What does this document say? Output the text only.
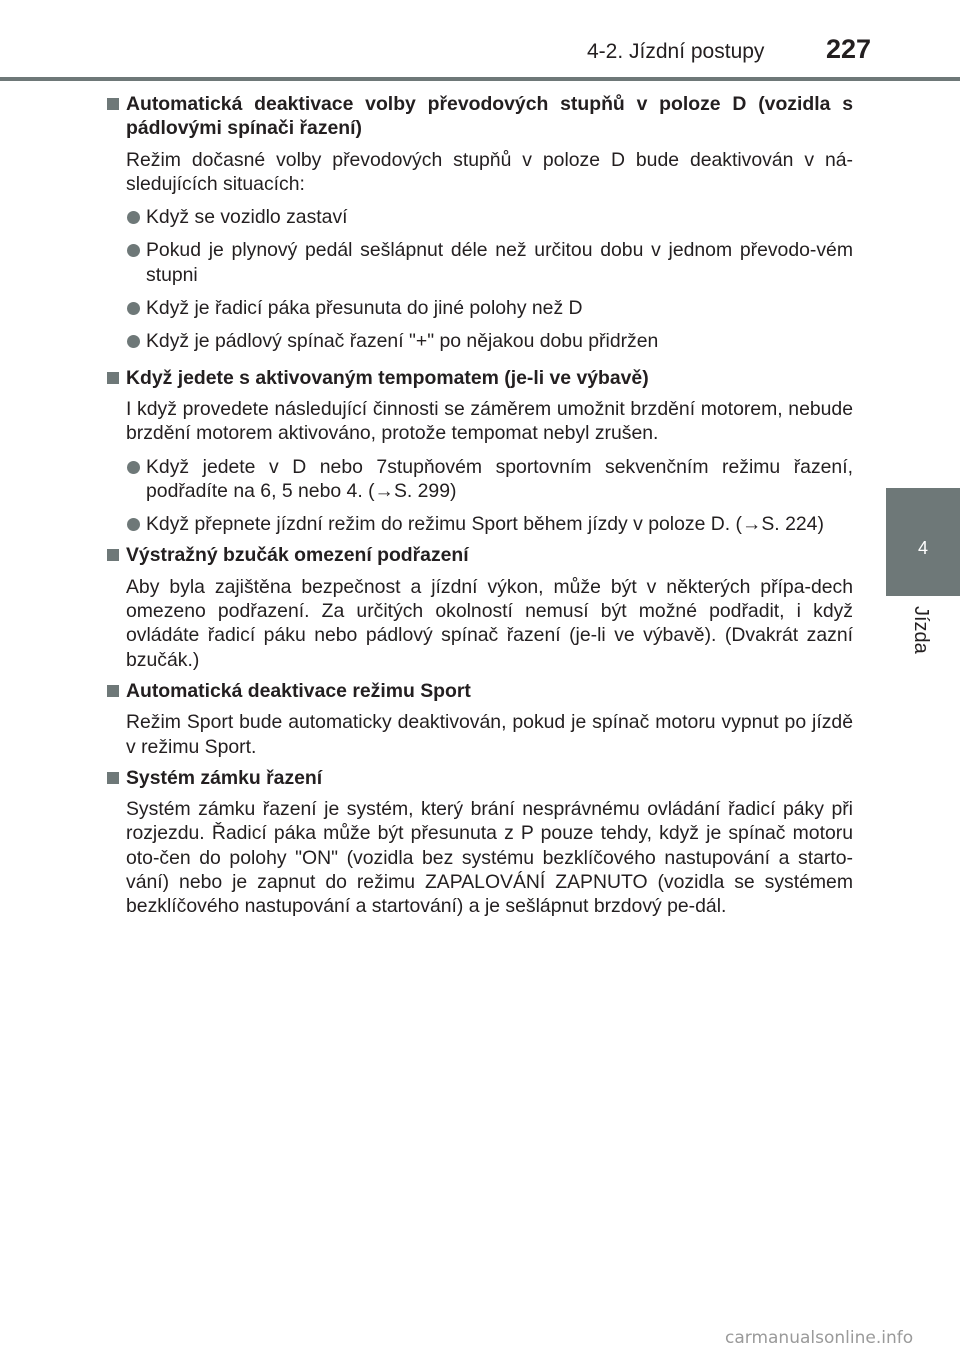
4-2. Jízdní postupy 227
4
Jízda
Automatická deaktivace volby převodových stupňů v poloze D (vozidla s pádlovými spínači řazení)
Režim dočasné volby převodových stupňů v poloze D bude deaktivován v ná-sledujících situacích:
Když se vozidlo zastaví
Pokud je plynový pedál sešlápnut déle než určitou dobu v jednom převodo-vém stupni
Když je řadicí páka přesunuta do jiné polohy než D
Když je pádlový spínač řazení "+" po nějakou dobu přidržen
Když jedete s aktivovaným tempomatem (je-li ve výbavě)
I když provedete následující činnosti se záměrem umožnit brzdění motorem, nebude brzdění motorem aktivováno, protože tempomat nebyl zrušen.
Když jedete v D nebo 7stupňovém sportovním sekvenčním režimu řazení, podřadíte na 6, 5 nebo 4. (→S. 299)
Když přepnete jízdní režim do režimu Sport během jízdy v poloze D. (→S. 224)
Výstražný bzučák omezení podřazení
Aby byla zajištěna bezpečnost a jízdní výkon, může být v některých přípa-dech omezeno podřazení. Za určitých okolností nemusí být možné podřadit, i když ovládáte řadicí páku nebo pádlový spínač řazení (je-li ve výbavě). (Dvakrát zazní bzučák.)
Automatická deaktivace režimu Sport
Režim Sport bude automaticky deaktivován, pokud je spínač motoru vypnut po jízdě v režimu Sport.
Systém zámku řazení
Systém zámku řazení je systém, který brání nesprávnému ovládání řadicí páky při rozjezdu. Řadicí páka může být přesunuta z P pouze tehdy, když je spínač motoru oto-čen do polohy "ON" (vozidla bez systému bezklíčového nastupování a starto-vání) nebo je zapnut do režimu ZAPALOVÁNÍ ZAPNUTO (vozidla se systémem bezklíčového nastupování a startování) a je sešlápnut brzdový pe-dál.
carmanualsonline.info
